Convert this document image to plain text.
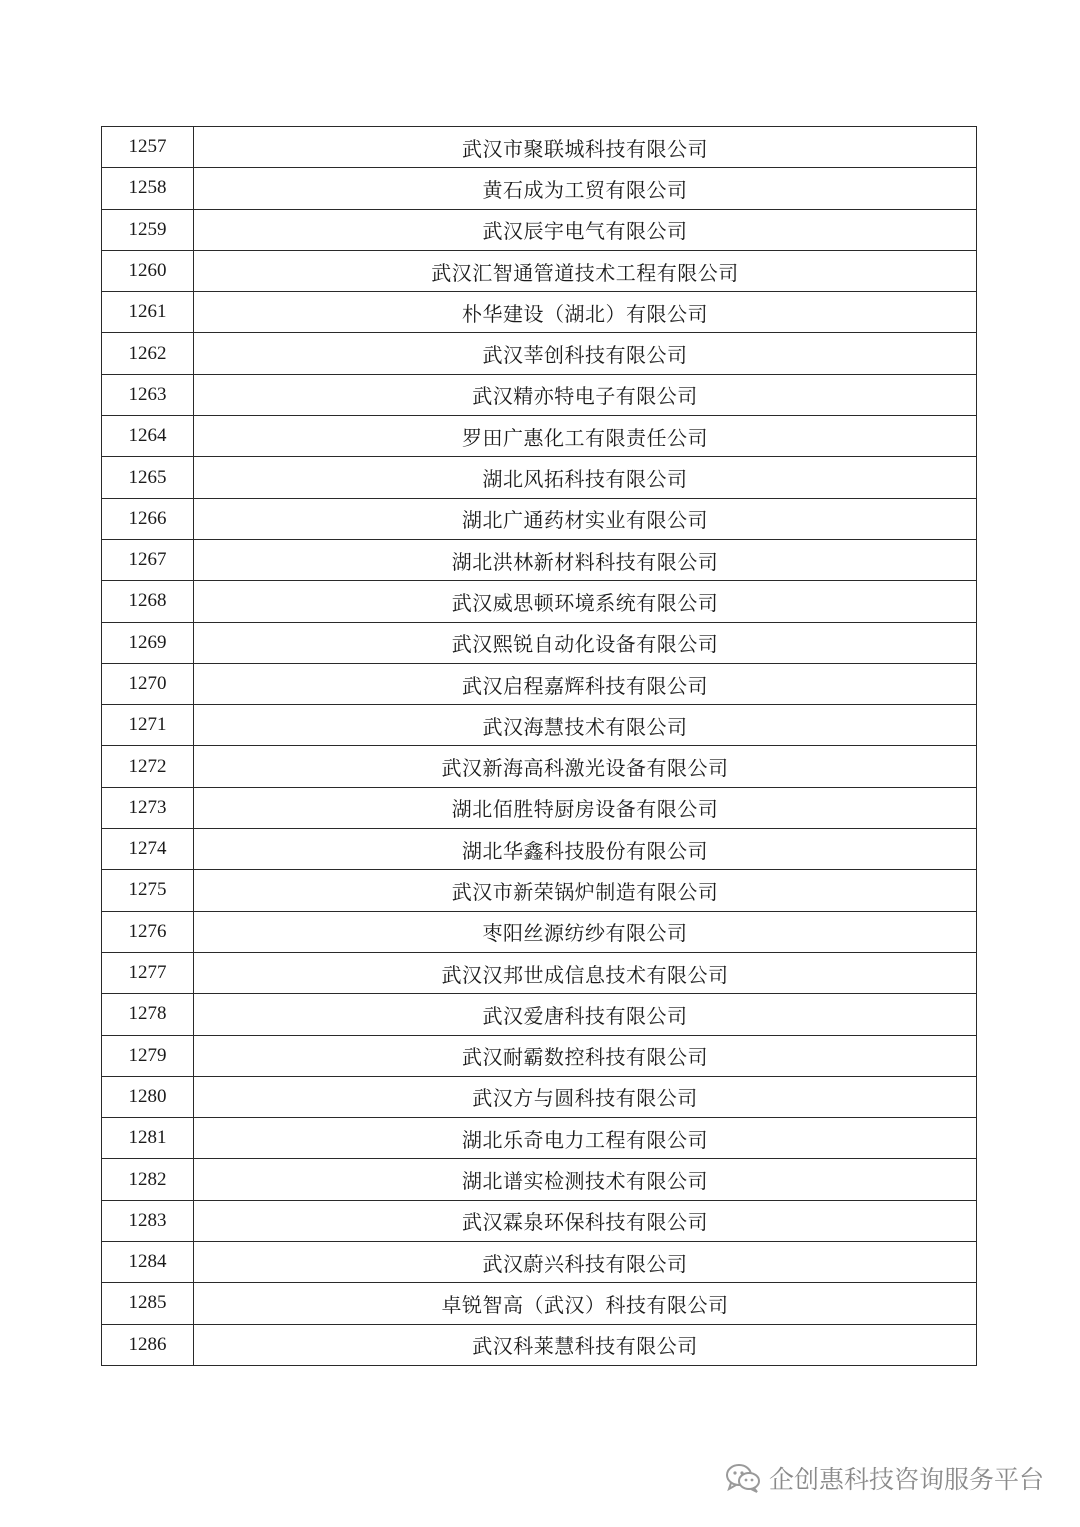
1257	武汉市聚联城科技有限公司
1258	黄石成为工贸有限公司
1259	武汉辰宇电气有限公司
1260	武汉汇智通管道技术工程有限公司
1261	朴华建设（湖北）有限公司
1262	武汉莘创科技有限公司
1263	武汉精亦特电子有限公司
1264	罗田广惠化工有限责任公司
1265	湖北风拓科技有限公司
1266	湖北广通药材实业有限公司
1267	湖北洪林新材料科技有限公司
1268	武汉威思顿环境系统有限公司
1269	武汉熙锐自动化设备有限公司
1270	武汉启程嘉辉科技有限公司
1271	武汉海慧技术有限公司
1272	武汉新海高科激光设备有限公司
1273	湖北佰胜特厨房设备有限公司
1274	湖北华鑫科技股份有限公司
1275	武汉市新荣锅炉制造有限公司
1276	枣阳丝源纺纱有限公司
1277	武汉汉邦世成信息技术有限公司
1278	武汉爱唐科技有限公司
1279	武汉耐霸数控科技有限公司
1280	武汉方与圆科技有限公司
1281	湖北乐奇电力工程有限公司
1282	湖北谱实检测技术有限公司
1283	武汉霖泉环保科技有限公司
1284	武汉蔚兴科技有限公司
1285	卓锐智高（武汉）科技有限公司
1286	武汉科莱慧科技有限公司
企创惠科技咨询服务平台
